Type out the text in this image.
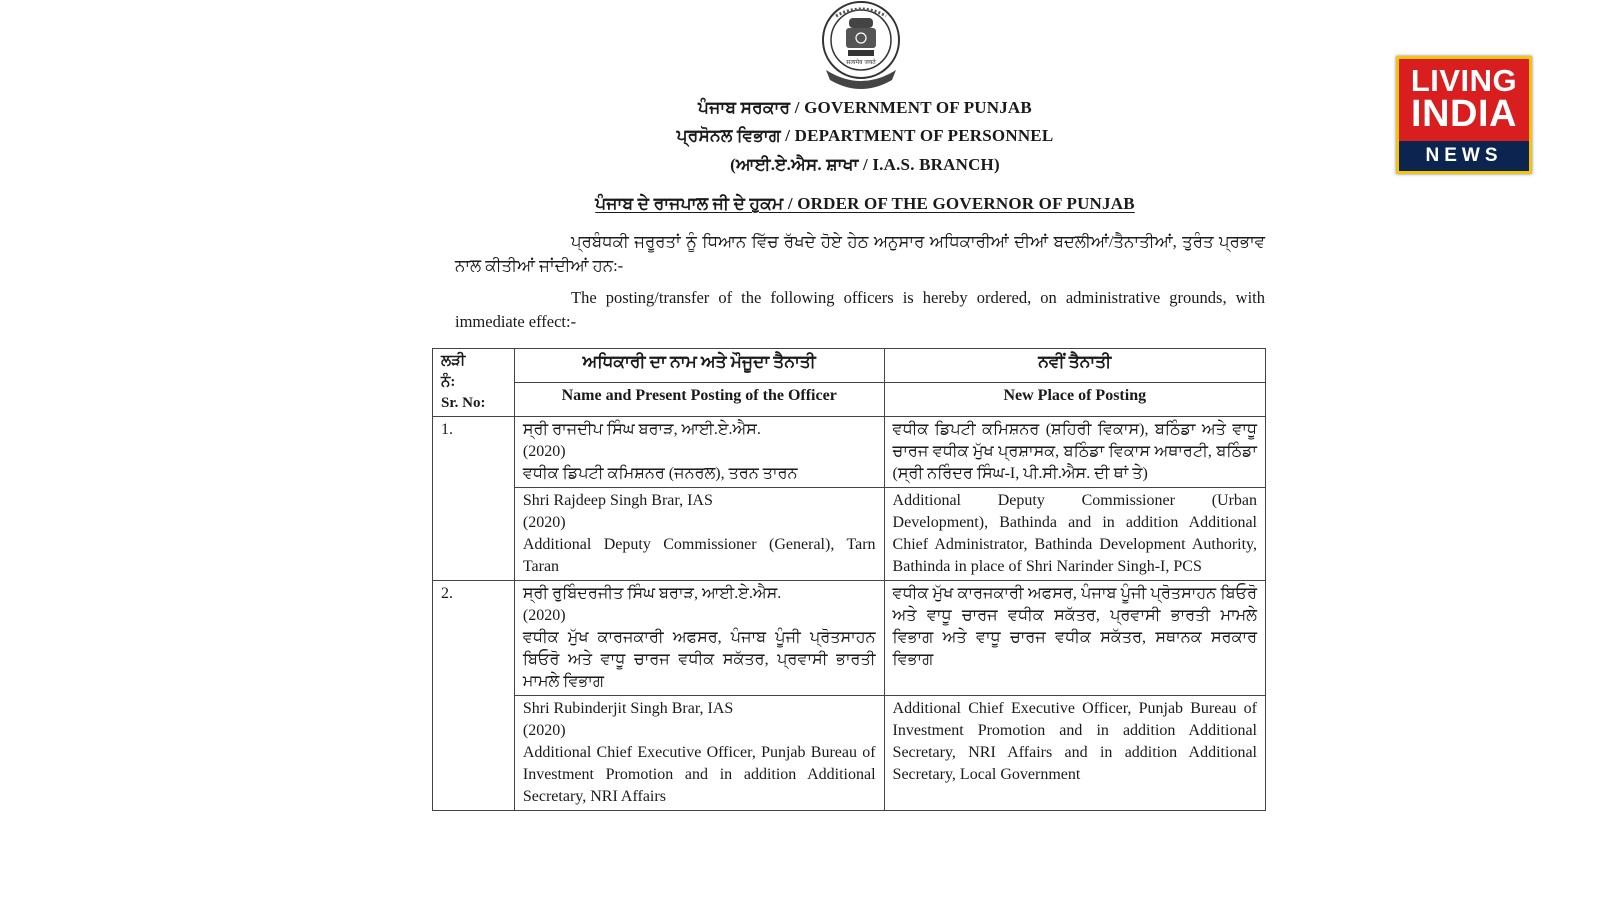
सत्यमेव जयते
ਪੰਜਾਬ ਸਰਕਾਰ / GOVERNMENT OF PUNJAB
ਪ੍ਰਸੋਨਲ ਵਿਭਾਗ / DEPARTMENT OF PERSONNEL
(ਆਈ.ਏ.ਐਸ. ਸ਼ਾਖਾ / I.A.S. BRANCH)
ਪੰਜਾਬ ਦੇ ਰਾਜਪਾਲ ਜੀ ਦੇ ਹੁਕਮ / ORDER OF THE GOVERNOR OF PUNJAB
ਪ੍ਰਬੰਧਕੀ ਜਰੂਰਤਾਂ ਨੂੰ ਧਿਆਨ ਵਿੱਚ ਰੱਖਦੇ ਹੋਏ ਹੇਠ ਅਨੁਸਾਰ ਅਧਿਕਾਰੀਆਂ ਦੀਆਂ ਬਦਲੀਆਂ/ਤੈਨਾਤੀਆਂ, ਤੁਰੰਤ ਪ੍ਰਭਾਵ ਨਾਲ ਕੀਤੀਆਂ ਜਾਂਦੀਆਂ ਹਨ:-
The posting/transfer of the following officers is hereby ordered, on administrative grounds, with immediate effect:-
ਲੜੀ
ਨੰ:
Sr. No:	ਅਧਿਕਾਰੀ ਦਾ ਨਾਮ ਅਤੇ ਮੌਜੂਦਾ ਤੈਨਾਤੀ	ਨਵੀਂ ਤੈਨਾਤੀ
	Name and Present Posting of the Officer	New Place of Posting
1.	ਸ੍ਰੀ ਰਾਜਦੀਪ ਸਿੰਘ ਬਰਾੜ, ਆਈ.ਏ.ਐਸ.
(2020)
ਵਧੀਕ ਡਿਪਟੀ ਕਮਿਸ਼ਨਰ (ਜਨਰਲ), ਤਰਨ ਤਾਰਨ	ਵਧੀਕ ਡਿਪਟੀ ਕਮਿਸ਼ਨਰ (ਸ਼ਹਿਰੀ ਵਿਕਾਸ), ਬਠਿੰਡਾ ਅਤੇ ਵਾਧੂ ਚਾਰਜ ਵਧੀਕ ਮੁੱਖ ਪ੍ਰਸ਼ਾਸਕ, ਬਠਿੰਡਾ ਵਿਕਾਸ ਅਥਾਰਟੀ, ਬਠਿੰਡਾ (ਸ੍ਰੀ ਨਰਿੰਦਰ ਸਿੰਘ-I, ਪੀ.ਸੀ.ਐਸ. ਦੀ ਥਾਂ ਤੇ)

	Shri Rajdeep Singh Brar, IAS
(2020)
Additional Deputy Commissioner (General), Tarn Taran	Additional Deputy Commissioner (Urban Development), Bathinda and in addition Additional Chief Administrator, Bathinda Development Authority, Bathinda in place of Shri Narinder Singh-I, PCS
2.	ਸ੍ਰੀ ਰੁਬਿੰਦਰਜੀਤ ਸਿੰਘ ਬਰਾੜ, ਆਈ.ਏ.ਐਸ.
(2020)
ਵਧੀਕ ਮੁੱਖ ਕਾਰਜਕਾਰੀ ਅਫਸਰ, ਪੰਜਾਬ ਪੂੰਜੀ ਪ੍ਰੋਤਸਾਹਨ ਬਿਓਰੋ ਅਤੇ ਵਾਧੂ ਚਾਰਜ ਵਧੀਕ ਸਕੱਤਰ, ਪ੍ਰਵਾਸੀ ਭਾਰਤੀ ਮਾਮਲੇ ਵਿਭਾਗ	ਵਧੀਕ ਮੁੱਖ ਕਾਰਜਕਾਰੀ ਅਫਸਰ, ਪੰਜਾਬ ਪੂੰਜੀ ਪ੍ਰੋਤਸਾਹਨ ਬਿਓਰੋ ਅਤੇ ਵਾਧੂ ਚਾਰਜ ਵਧੀਕ ਸਕੱਤਰ, ਪ੍ਰਵਾਸੀ ਭਾਰਤੀ ਮਾਮਲੇ ਵਿਭਾਗ ਅਤੇ ਵਾਧੂ ਚਾਰਜ ਵਧੀਕ ਸਕੱਤਰ, ਸਥਾਨਕ ਸਰਕਾਰ ਵਿਭਾਗ

	Shri Rubinderjit Singh Brar, IAS
(2020)
Additional Chief Executive Officer, Punjab Bureau of Investment Promotion and in addition Additional Secretary, NRI Affairs	Additional Chief Executive Officer, Punjab Bureau of Investment Promotion and in addition Additional Secretary, NRI Affairs and in addition Additional Secretary, Local Government
LIVING
INDIA
NEWS
